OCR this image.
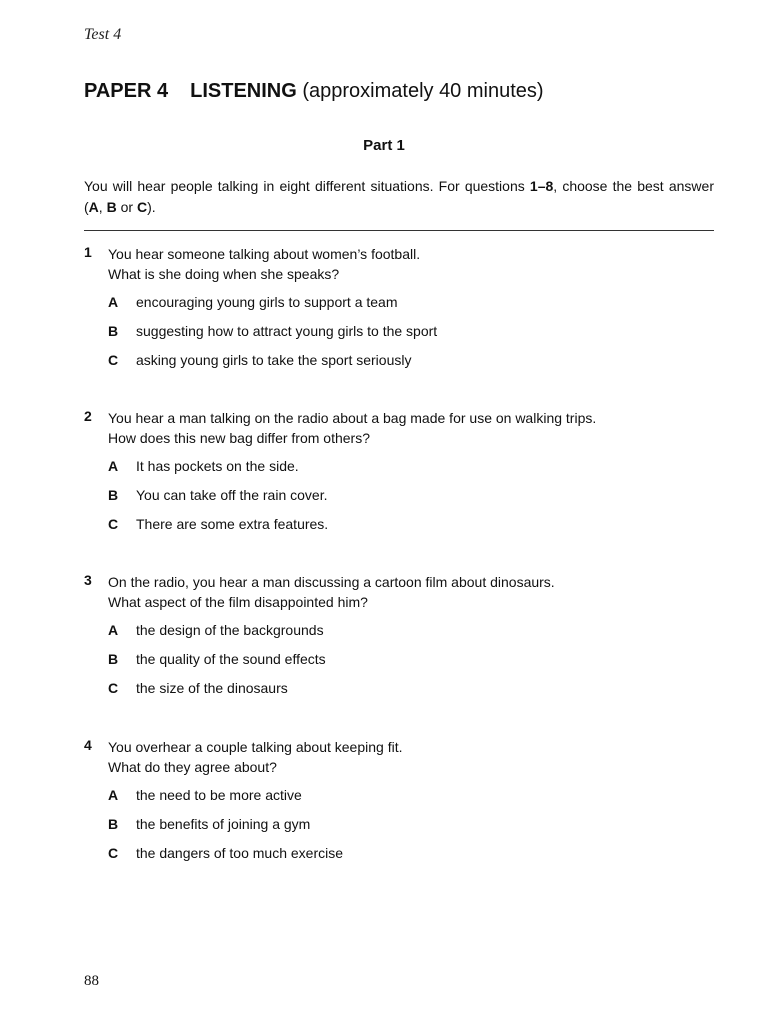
Test 4
PAPER 4 LISTENING (approximately 40 minutes)
Part 1
You will hear people talking in eight different situations. For questions 1–8, choose the best answer (A, B or C).
1 You hear someone talking about women’s football.
What is she doing when she speaks?
A encouraging young girls to support a team
B suggesting how to attract young girls to the sport
C asking young girls to take the sport seriously
2 You hear a man talking on the radio about a bag made for use on walking trips.
How does this new bag differ from others?
A It has pockets on the side.
B You can take off the rain cover.
C There are some extra features.
3 On the radio, you hear a man discussing a cartoon film about dinosaurs.
What aspect of the film disappointed him?
A the design of the backgrounds
B the quality of the sound effects
C the size of the dinosaurs
4 You overhear a couple talking about keeping fit.
What do they agree about?
A the need to be more active
B the benefits of joining a gym
C the dangers of too much exercise
88
